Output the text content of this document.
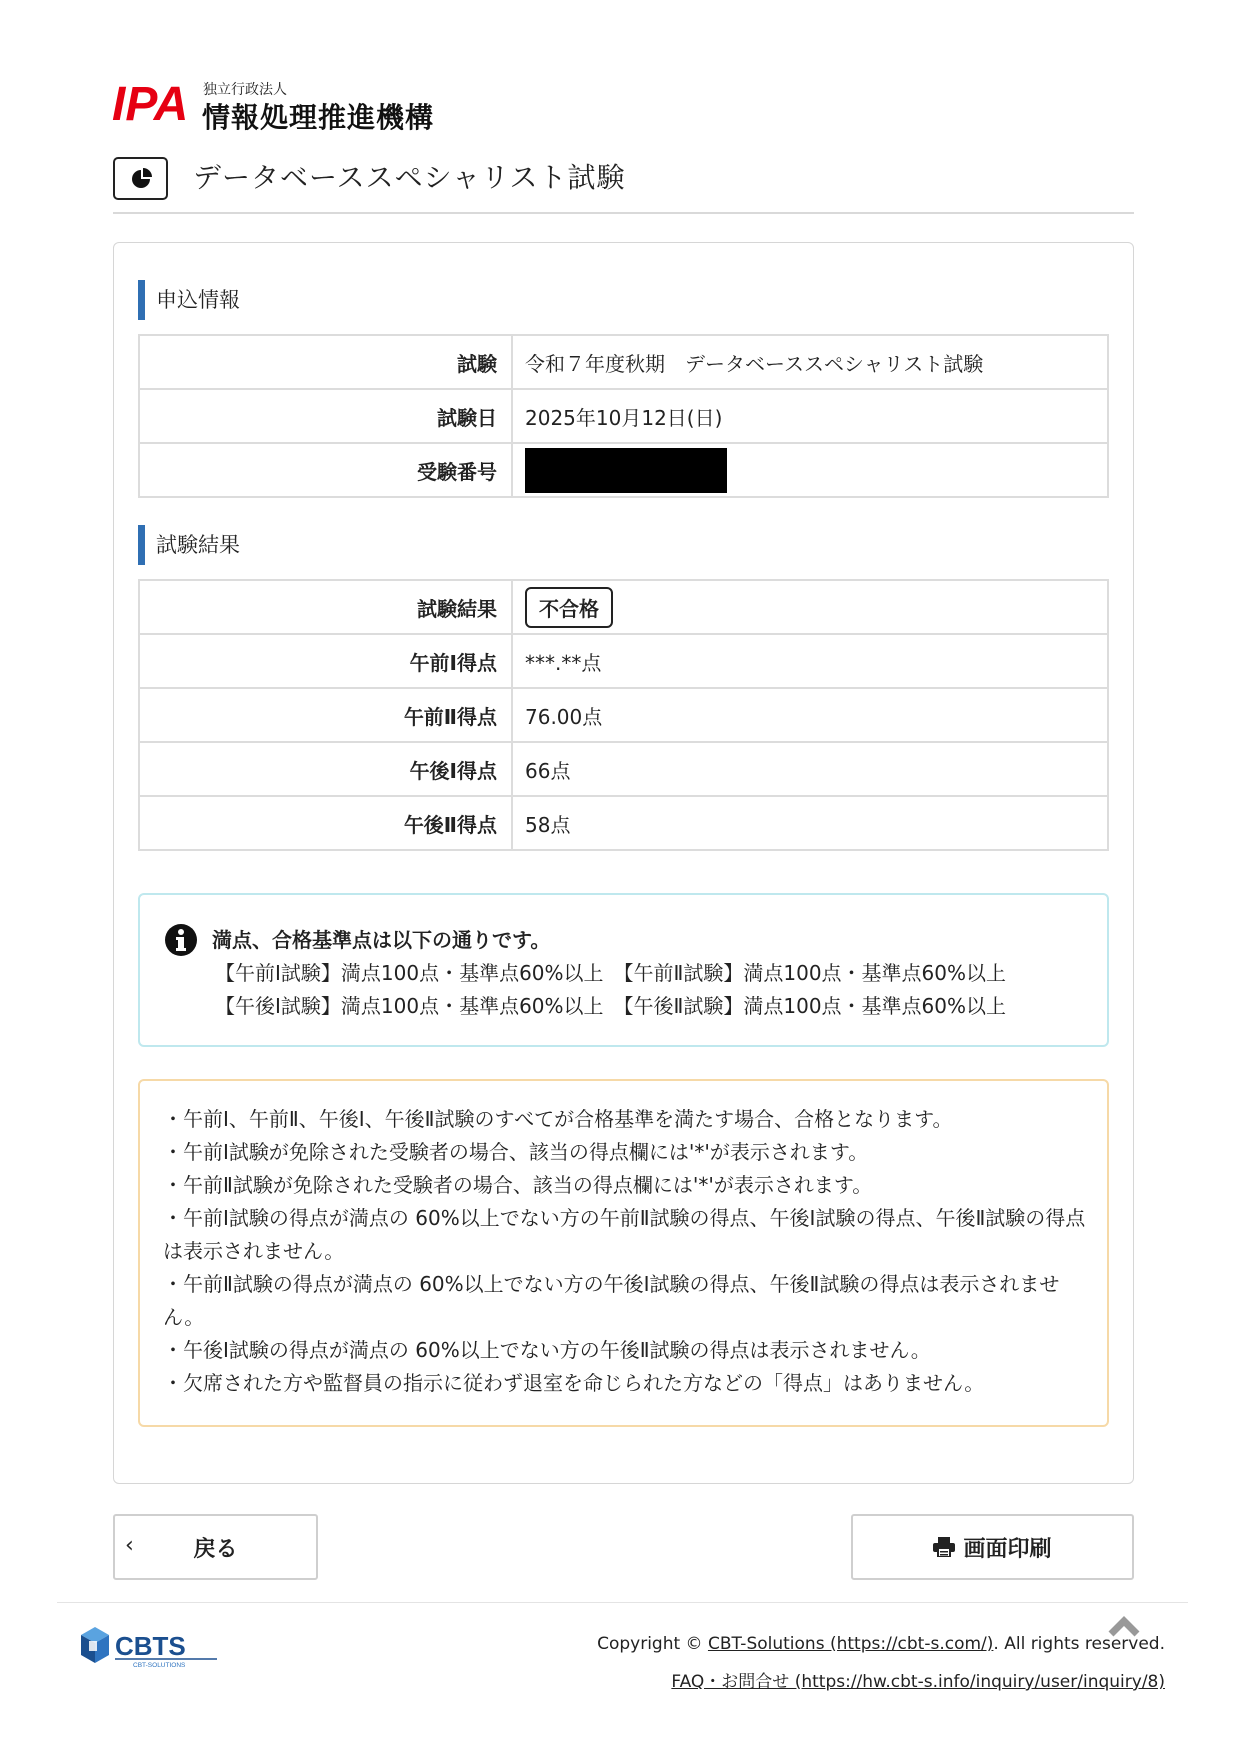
IPA 独立行政法人
情報処理推進機構
データベーススペシャリスト試験
申込情報
試験	令和７年度秋期　データベーススペシャリスト試験
試験日	2025年10月12日(日)
受験番号	
試験結果
試験結果	不合格
午前Ⅰ得点	***.**点
午前Ⅱ得点	76.00点
午後Ⅰ得点	66点
午後Ⅱ得点	58点
満点、合格基準点は以下の通りです。
【午前Ⅰ試験】満点100点・基準点60%以上　【午前Ⅱ試験】満点100点・基準点60%以上
【午後Ⅰ試験】満点100点・基準点60%以上　【午後Ⅱ試験】満点100点・基準点60%以上
・午前Ⅰ、午前Ⅱ、午後Ⅰ、午後Ⅱ試験のすべてが合格基準を満たす場合、合格となります。
・午前Ⅰ試験が免除された受験者の場合、該当の得点欄には'*'が表示されます。
・午前Ⅱ試験が免除された受験者の場合、該当の得点欄には'*'が表示されます。
・午前Ⅰ試験の得点が満点の 60%以上でない方の午前Ⅱ試験の得点、午後Ⅰ試験の得点、午後Ⅱ試験の得点は表示されません。
・午前Ⅱ試験の得点が満点の 60%以上でない方の午後Ⅰ試験の得点、午後Ⅱ試験の得点は表示されません。
・午後Ⅰ試験の得点が満点の 60%以上でない方の午後Ⅱ試験の得点は表示されません。
・欠席された方や監督員の指示に従わず退室を命じられた方などの「得点」はありません。
‹	戻る	画面印刷
CBTS
CBT-SOLUTIONS
Copyright © CBT-Solutions (https://cbt-s.com/). All rights reserved.
FAQ・お問合せ (https://hw.cbt-s.info/inquiry/user/inquiry/8)
